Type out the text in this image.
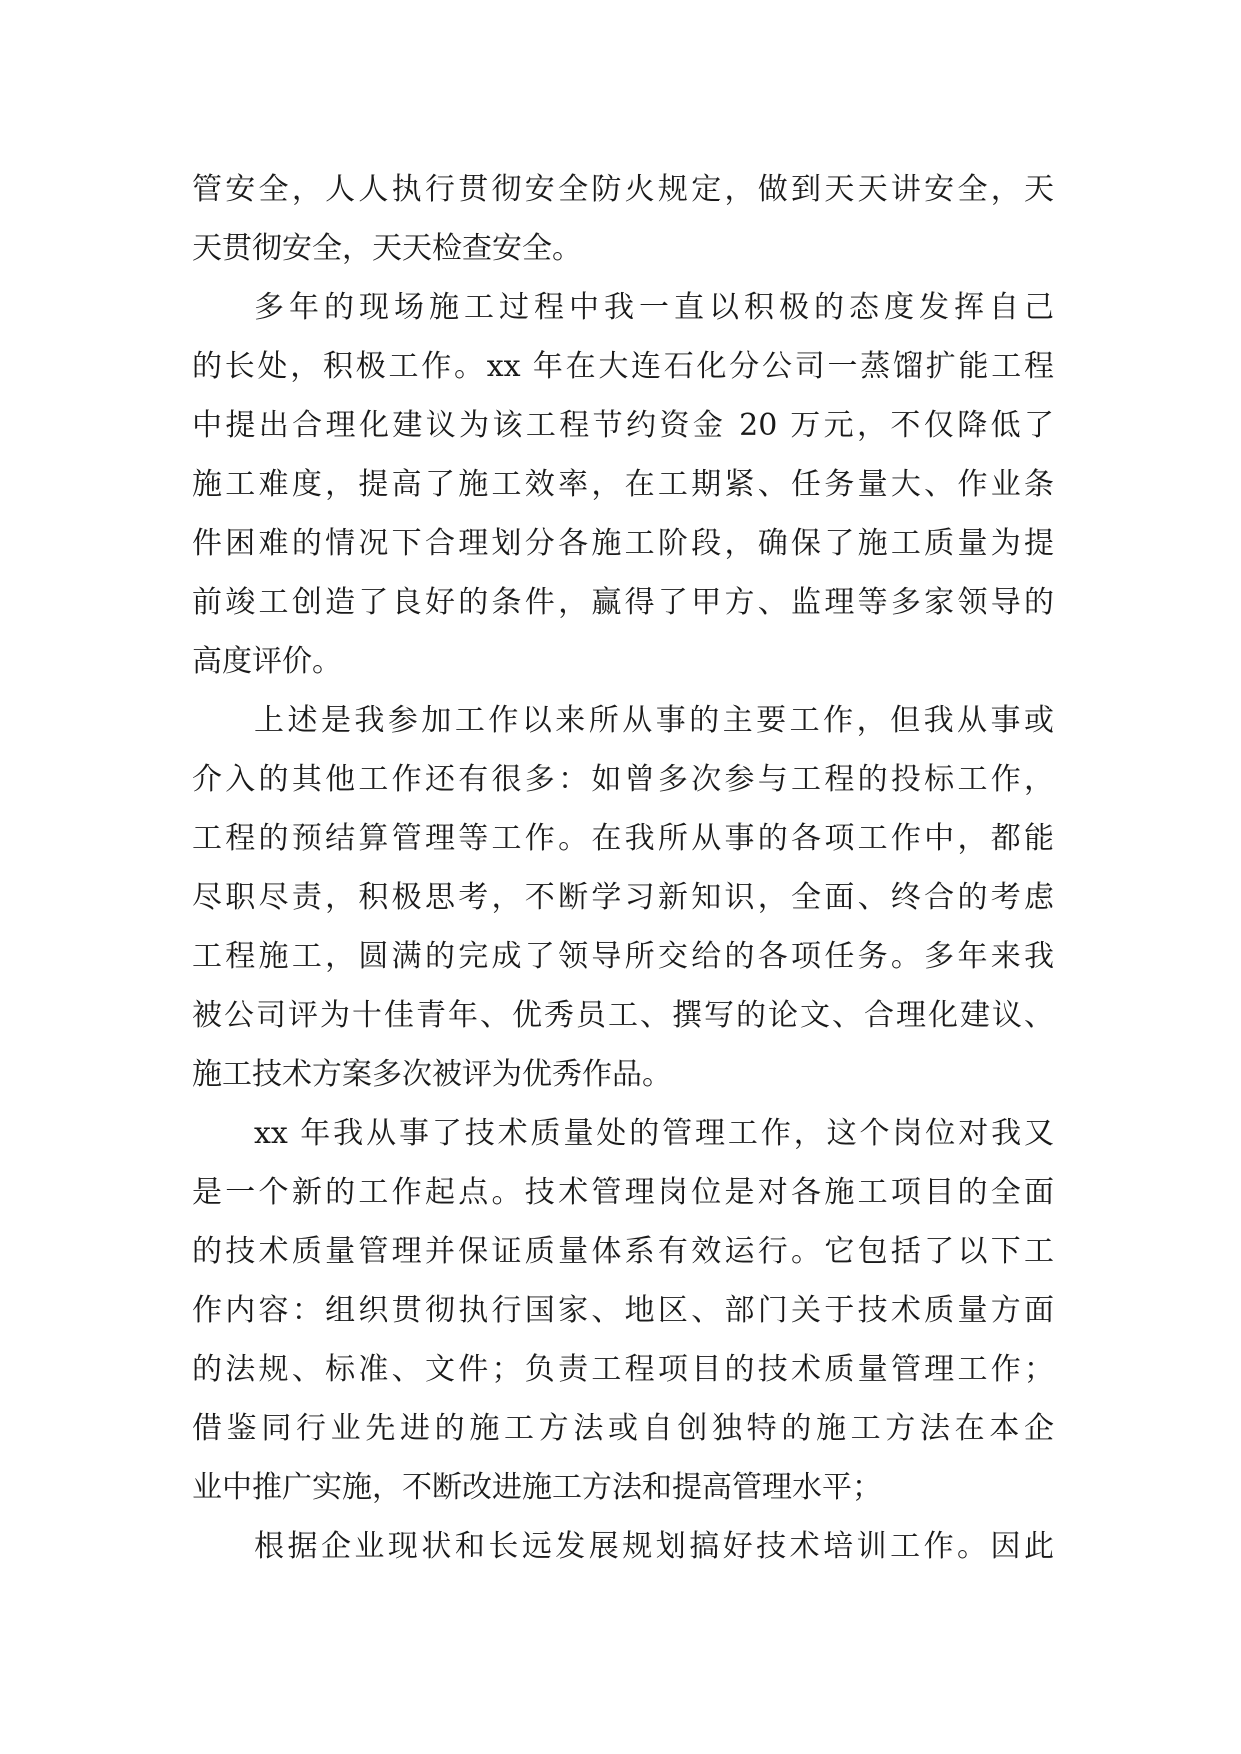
管安全，人人执行贯彻安全防火规定，做到天天讲安全，天
天贯彻安全，天天检查安全。
多年的现场施工过程中我一直以积极的态度发挥自己
的长处，积极工作。xx 年在大连石化分公司一蒸馏扩能工程
中提出合理化建议为该工程节约资金 20 万元，不仅降低了
施工难度，提高了施工效率，在工期紧、任务量大、作业条
件困难的情况下合理划分各施工阶段，确保了施工质量为提
前竣工创造了良好的条件，赢得了甲方、监理等多家领导的
高度评价。
上述是我参加工作以来所从事的主要工作，但我从事或
介入的其他工作还有很多：如曾多次参与工程的投标工作，
工程的预结算管理等工作。在我所从事的各项工作中，都能
尽职尽责，积极思考，不断学习新知识，全面、终合的考虑
工程施工，圆满的完成了领导所交给的各项任务。多年来我
被公司评为十佳青年、优秀员工、撰写的论文、合理化建议、
施工技术方案多次被评为优秀作品。
xx 年我从事了技术质量处的管理工作，这个岗位对我又
是一个新的工作起点。技术管理岗位是对各施工项目的全面
的技术质量管理并保证质量体系有效运行。它包括了以下工
作内容：组织贯彻执行国家、地区、部门关于技术质量方面
的法规、标准、文件；负责工程项目的技术质量管理工作；
借鉴同行业先进的施工方法或自创独特的施工方法在本企
业中推广实施，不断改进施工方法和提高管理水平；
根据企业现状和长远发展规划搞好技术培训工作。因此
